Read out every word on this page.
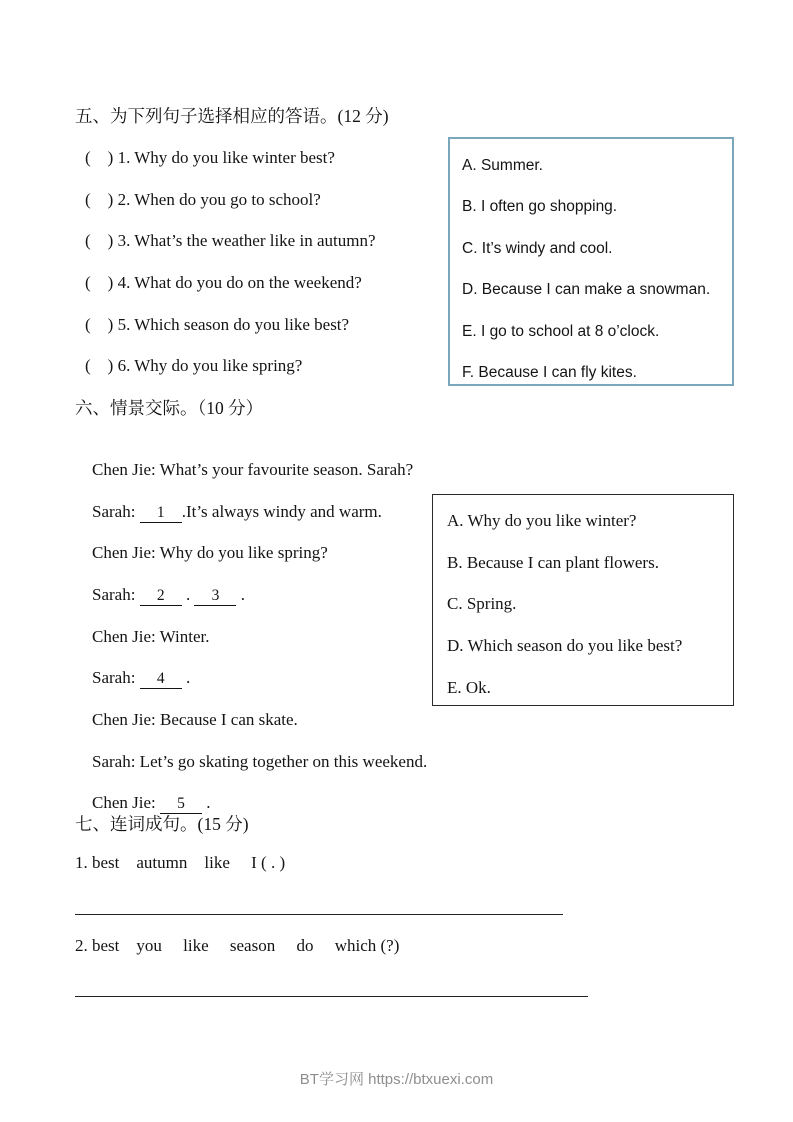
五、为下列句子选择相应的答语。(12 分)
(    ) 1. Why do you like winter best?
(    ) 2. When do you go to school?
(    ) 3. What’s the weather like in autumn?
(    ) 4. What do you do on the weekend?
(    ) 5. Which season do you like best?
(    ) 6. Why do you like spring?
A. Summer.
B. I often go shopping.
C. It’s windy and cool.
D. Because I can make a snowman.
E. I go to school at 8 o’clock.
F. Because I can fly kites.
六、情景交际。（10 分）

Chen Jie: What’s your favourite season. Sarah?

Sarah: 1 .It’s always windy and warm.

Chen Jie: Why do you like spring?

Sarah: 2 . 3 .

Chen Jie: Winter.

Sarah: 4 .

Chen Jie: Because I can skate.

Sarah: Let’s go skating together on this weekend.

Chen Jie: 5 .

A. Why do you like winter?
B. Because I can plant flowers.
C. Spring.
D. Which season do you like best?
E. Ok.
七、连词成句。(15 分)
1. best    autumn    like     I ( . )
2. best    you     like     season     do     which (?)
BT学习网 https://btxuexi.com
